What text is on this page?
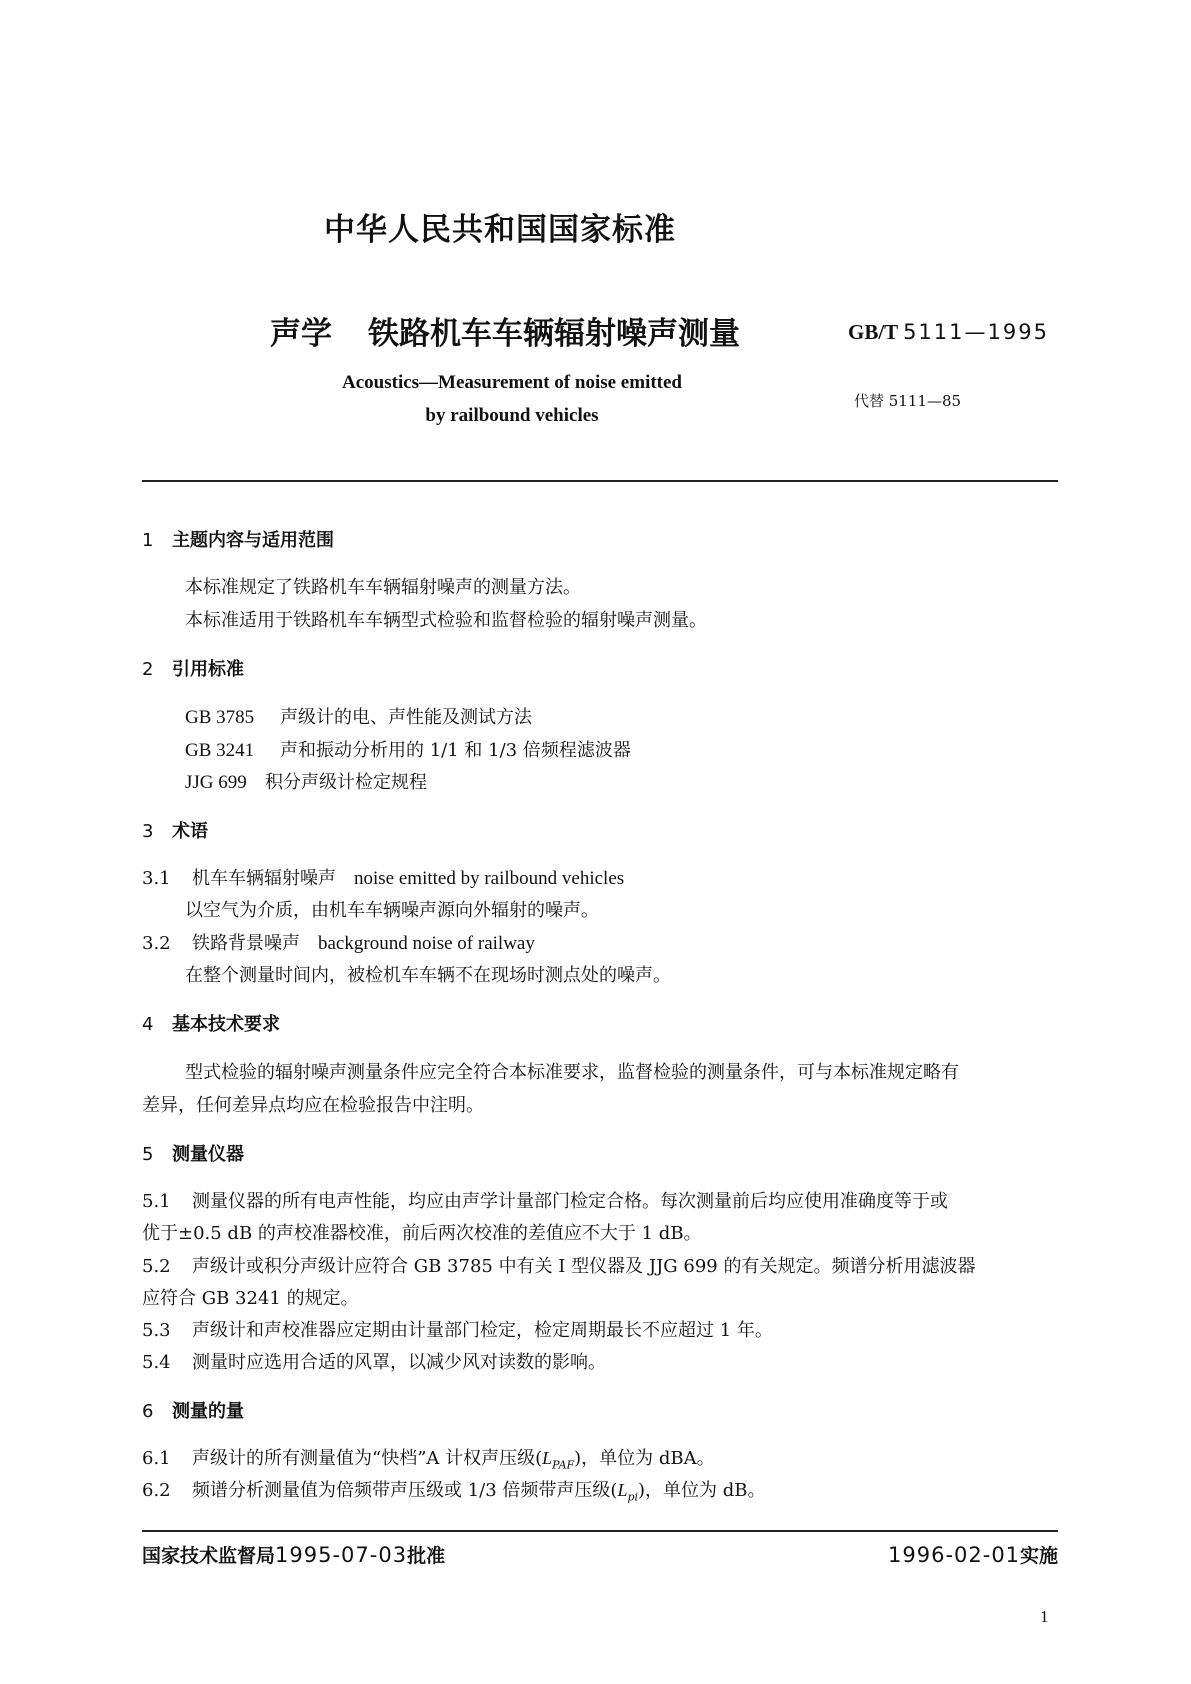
中华人民共和国国家标准
声学 铁路机车车辆辐射噪声测量	GB/T 5111—1995
Acoustics—Measurement of noise emitted
by railbound vehicles
代替 5111—85
1 主题内容与适用范围
本标准规定了铁路机车车辆辐射噪声的测量方法。
本标准适用于铁路机车车辆型式检验和监督检验的辐射噪声测量。
2 引用标准
GB 3785 声级计的电、声性能及测试方法
GB 3241 声和振动分析用的 1/1 和 1/3 倍频程滤波器
JJG 699 积分声级计检定规程
3 术语
3.1 机车车辆辐射噪声 noise emitted by railbound vehicles
以空气为介质，由机车车辆噪声源向外辐射的噪声。
3.2 铁路背景噪声 background noise of railway
在整个测量时间内，被检机车车辆不在现场时测点处的噪声。
4 基本技术要求
型式检验的辐射噪声测量条件应完全符合本标准要求，监督检验的测量条件，可与本标准规定略有
差异，任何差异点均应在检验报告中注明。
5 测量仪器
5.1 测量仪器的所有电声性能，均应由声学计量部门检定合格。每次测量前后均应使用准确度等于或
优于±0.5 dB 的声校准器校准，前后两次校准的差值应不大于 1 dB。
5.2 声级计或积分声级计应符合 GB 3785 中有关 I 型仪器及 JJG 699 的有关规定。频谱分析用滤波器
应符合 GB 3241 的规定。
5.3 声级计和声校准器应定期由计量部门检定，检定周期最长不应超过 1 年。
5.4 测量时应选用合适的风罩，以减少风对读数的影响。
6 测量的量
6.1 声级计的所有测量值为“快档”A 计权声压级$(L_{PAF})$，单位为 dBA。
6.2 频谱分析测量值为倍频带声压级或 1/3 倍频带声压级$(L_{pi})$，单位为 dB。
国家技术监督局1995-07-03批准	1996-02-01实施
1
